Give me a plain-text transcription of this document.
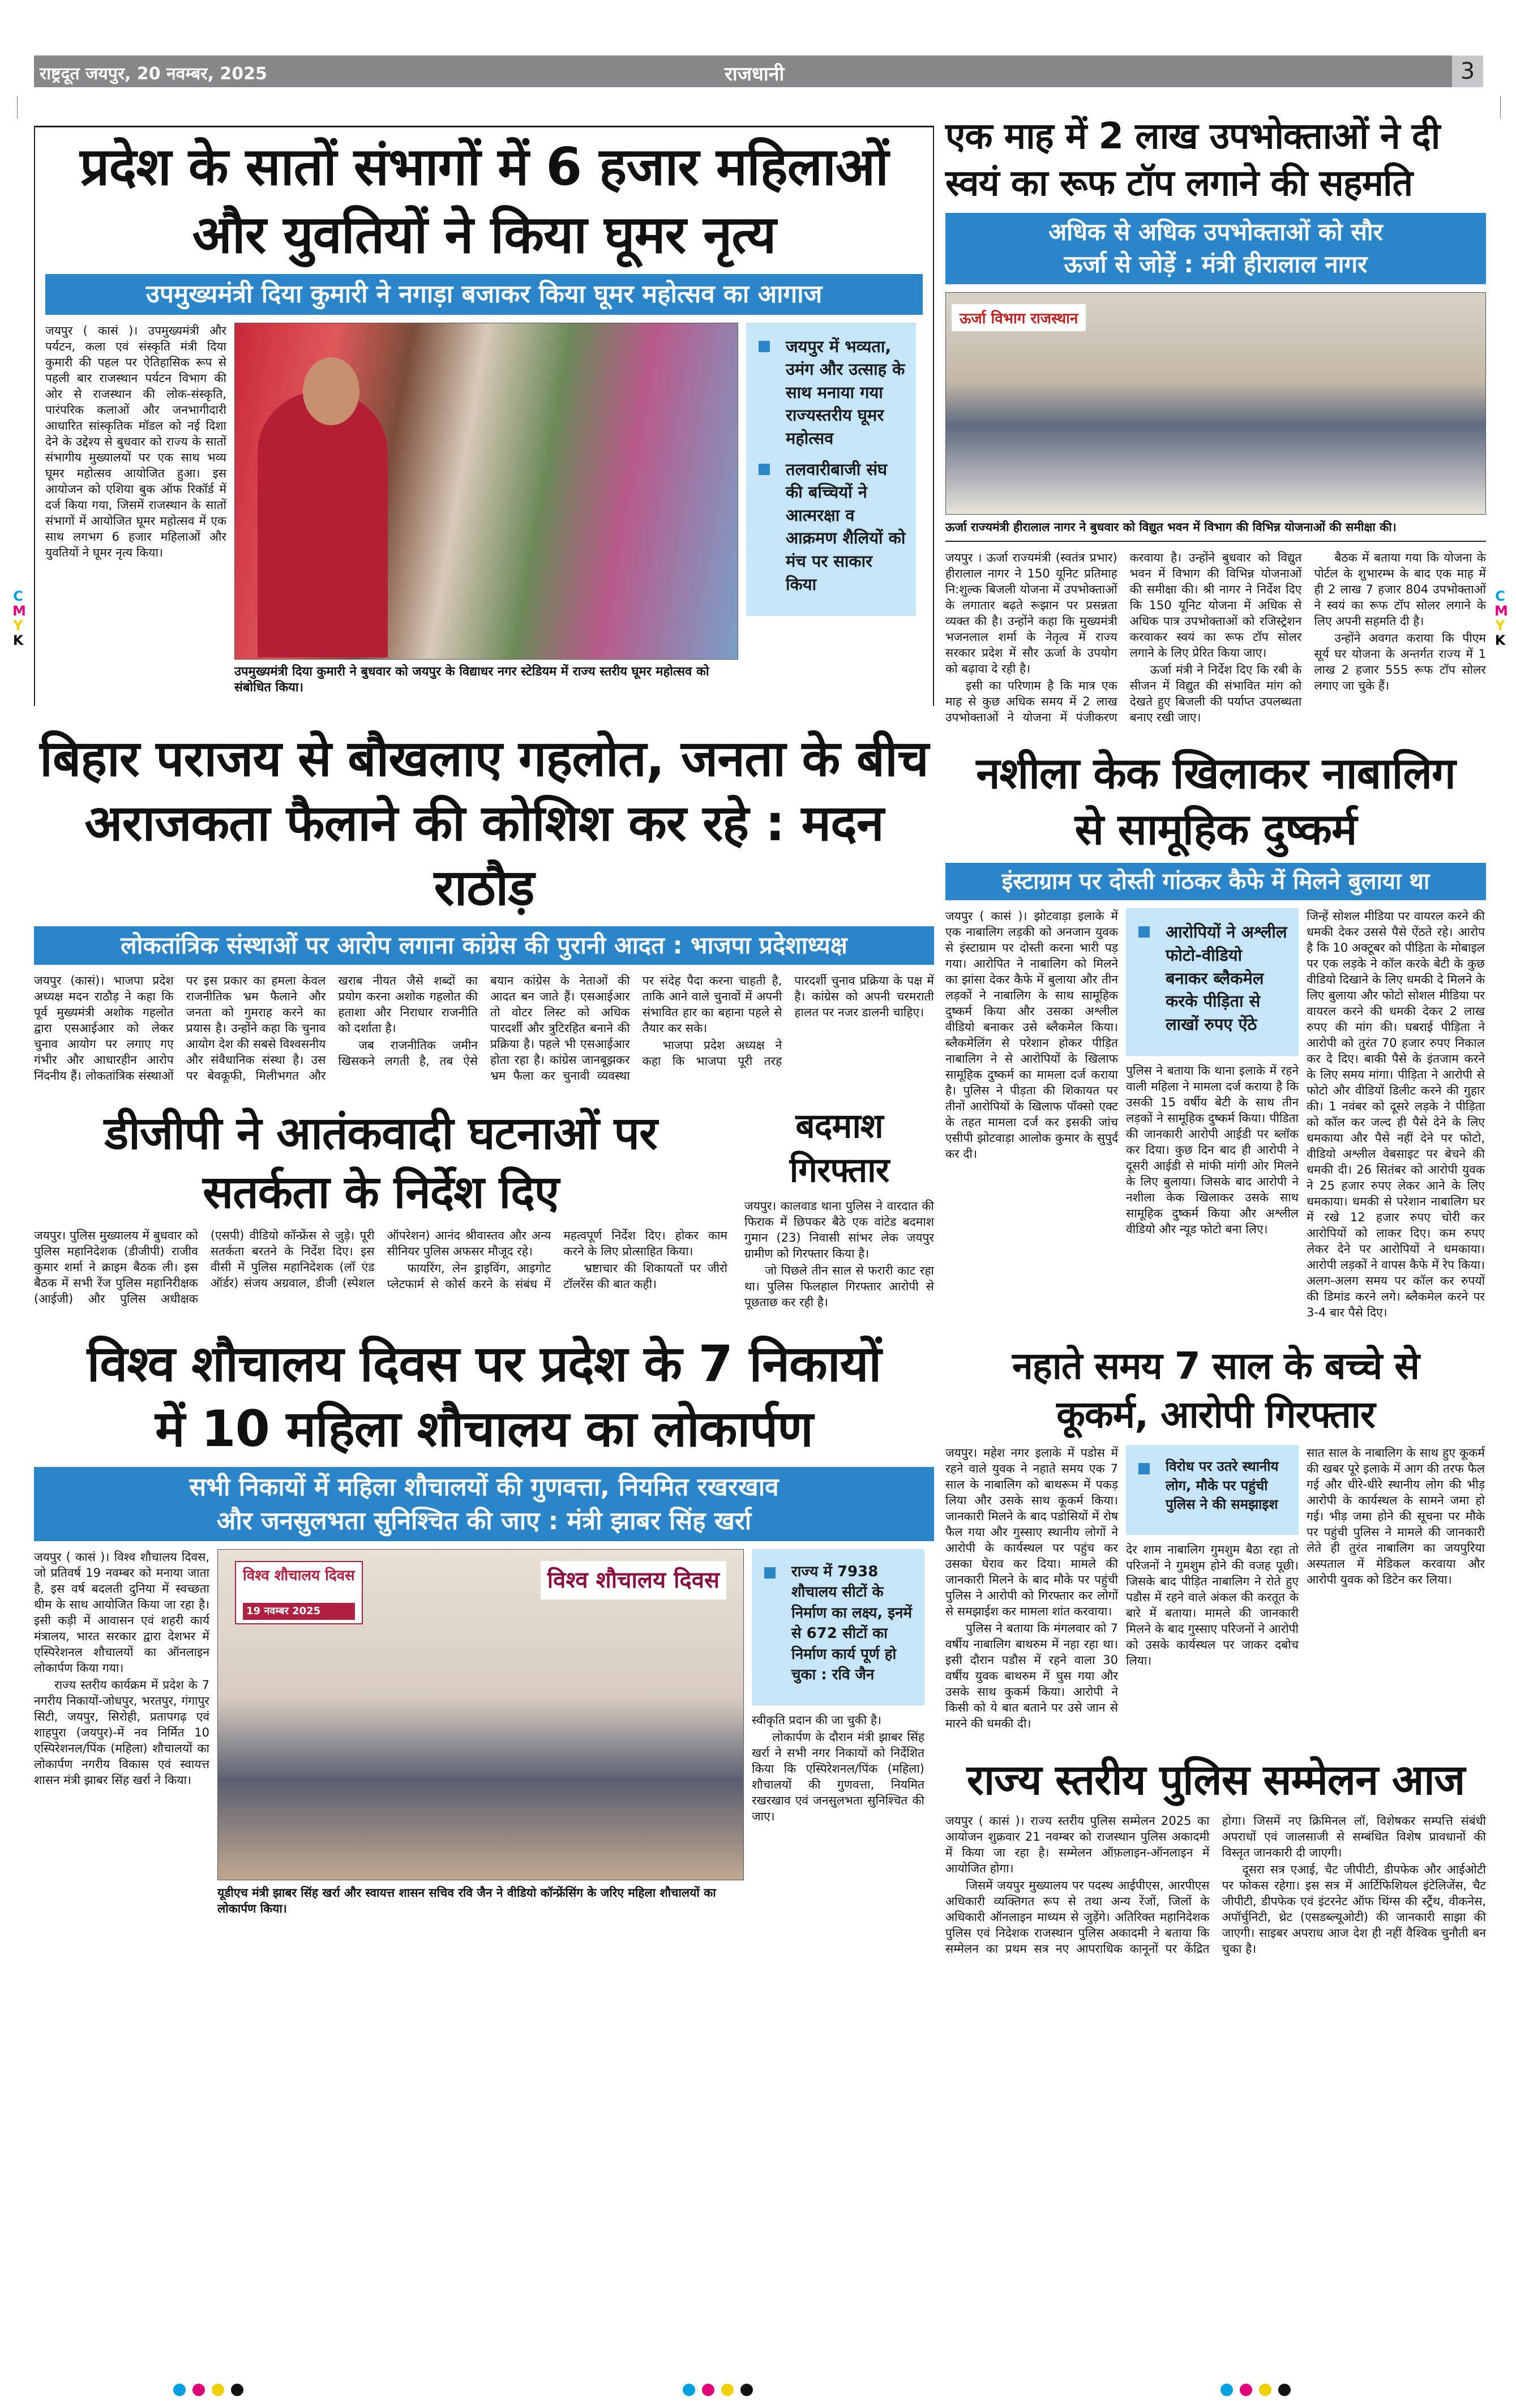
राष्ट्रदूत जयपुर, 20 नवम्बर, 2025	राजधानी	3
C
M
Y
K
C
M
Y
K
प्रदेश के सातों संभागों में 6 हजार महिलाओं
और युवतियों ने किया घूमर नृत्य
उपमुख्यमंत्री दिया कुमारी ने नगाड़ा बजाकर किया घूमर महोत्सव का आगाज

जयपुर ( कासं )। उपमुख्यमंत्री और पर्यटन, कला एवं संस्कृति मंत्री दिया कुमारी की पहल पर ऐतिहासिक रूप से पहली बार राजस्थान पर्यटन विभाग की ओर से राजस्थान की लोक-संस्कृति, पारंपरिक कलाओं और जनभागीदारी आधारित सांस्कृतिक मॉडल को नई दिशा देने के उद्देश्य से बुधवार को राज्य के सातों संभागीय मुख्यालयों पर एक साथ भव्य घूमर महोत्सव आयोजित हुआ। इस आयोजन को एशिया बुक ऑफ रिकॉर्ड में दर्ज किया गया, जिसमें राजस्थान के सातों संभागों में आयोजित घूमर महोत्सव में एक साथ लगभग 6 हजार महिलाओं और युवतियों ने घूमर नृत्य किया।

उपमुख्यमंत्री दिया कुमारी ने बुधवार को जयपुर के विद्याधर नगर स्टेडियम में राज्य स्तरीय घूमर महोत्सव को संबोधित किया।
जयपुर में भव्यता, उमंग और उत्साह के साथ मनाया गया राज्यस्तरीय घूमर महोत्सव
तलवारीबाजी संघ की बच्चियों ने आत्मरक्षा व आक्रमण शैलियों को मंच पर साकार किया
बिहार पराजय से बौखलाए गहलोत, जनता के बीच
अराजकता फैलाने की कोशिश कर रहे : मदन राठौड़
लोकतांत्रिक संस्थाओं पर आरोप लगाना कांग्रेस की पुरानी आदत : भाजपा प्रदेशाध्यक्ष

जयपुर (कासं)। भाजपा प्रदेश अध्यक्ष मदन राठौड़ ने कहा कि पूर्व मुख्यमंत्री अशोक गहलोत द्वारा एसआईआर को लेकर चुनाव आयोग पर लगाए गए गंभीर और आधारहीन आरोप निंदनीय हैं। लोकतांत्रिक संस्थाओं पर इस प्रकार का हमला केवल राजनीतिक भ्रम फैलाने और जनता को गुमराह करने का प्रयास है। उन्होंने कहा कि चुनाव आयोग देश की सबसे विश्वसनीय और संवैधानिक संस्था है। उस पर बेवकूफी, मिलीभगत और खराब नीयत जैसे शब्दों का प्रयोग करना अशोक गहलोत की हताशा और निराधार राजनीति को दर्शाता है।

जब राजनीतिक जमीन खिसकने लगती है, तब ऐसे बयान कांग्रेस के नेताओं की आदत बन जाते हैं। एसआईआर तो वोटर लिस्ट को अधिक पारदर्शी और त्रुटिरहित बनाने की प्रक्रिया है। पहले भी एसआईआर होता रहा है। कांग्रेस जानबूझकर भ्रम फैला कर चुनावी व्यवस्था पर संदेह पैदा करना चाहती है, ताकि आने वाले चुनावों में अपनी संभावित हार का बहाना पहले से तैयार कर सके।

भाजपा प्रदेश अध्यक्ष ने कहा कि भाजपा पूरी तरह पारदर्शी चुनाव प्रक्रिया के पक्ष में है। कांग्रेस को अपनी चरमराती हालत पर नजर डालनी चाहिए।

डीजीपी ने आतंकवादी घटनाओं पर सतर्कता के निर्देश दिए

जयपुर। पुलिस मुख्यालय में बुधवार को पुलिस महानिदेशक (डीजीपी) राजीव कुमार शर्मा ने क्राइम बैठक ली। इस बैठक में सभी रेंज पुलिस महानिरीक्षक (आईजी) और पुलिस अधीक्षक (एसपी) वीडियो कॉन्फ्रेंस से जुड़े। पूरी सतर्कता बरतने के निर्देश दिए। इस वीसी में पुलिस महानिदेशक (लॉ एंड ऑर्डर) संजय अग्रवाल, डीजी (स्पेशल ऑपरेशन) आनंद श्रीवास्तव और अन्य सीनियर पुलिस अफसर मौजूद रहे।

फायरिंग, लेन ड्राइविंग, आइगोट प्लेटफार्म से कोर्स करने के संबंध में महत्वपूर्ण निर्देश दिए। होकर काम करने के लिए प्रोत्साहित किया।

भ्रष्टाचार की शिकायतों पर जीरो टॉलरेंस की बात कही।

बदमाश गिरफ्तार

जयपुर। कालवाड थाना पुलिस ने वारदात की फिराक में छिपकर बैठे एक वांटेड बदमाश गुमान (23) निवासी सांभर लेक जयपुर ग्रामीण को गिरफ्तार किया है।

जो पिछले तीन साल से फरारी काट रहा था। पुलिस फिलहाल गिरफ्तार आरोपी से पूछताछ कर रही है।

विश्व शौचालय दिवस पर प्रदेश के 7 निकायों
में 10 महिला शौचालय का लोकार्पण
सभी निकायों में महिला शौचालयों की गुणवत्ता, नियमित रखरखाव
और जनसुलभता सुनिश्चित की जाए : मंत्री झाबर सिंह खर्रा

जयपुर ( कासं )। विश्व शौचालय दिवस, जो प्रतिवर्ष 19 नवम्बर को मनाया जाता है, इस वर्ष बदलती दुनिया में स्वच्छता थीम के साथ आयोजित किया जा रहा है। इसी कड़ी में आवासन एवं शहरी कार्य मंत्रालय, भारत सरकार द्वारा देशभर में एस्पिरेशनल शौचालयों का ऑनलाइन लोकार्पण किया गया।

राज्य स्तरीय कार्यक्रम में प्रदेश के 7 नगरीय निकायों-जोधपुर, भरतपुर, गंगापुर सिटी, जयपुर, सिरोही, प्रतापगढ़ एवं शाहपुरा (जयपुर)-में नव निर्मित 10 एस्पिरेशनल/पिंक (महिला) शौचालयों का लोकार्पण नगरीय विकास एवं स्वायत्त शासन मंत्री झाबर सिंह खर्रा ने किया।

विश्व शौचालय दिवस
19 नवम्बर 2025
विश्व शौचालय दिवस
यूडीएच मंत्री झाबर सिंह खर्रा और स्वायत्त शासन सचिव रवि जैन ने वीडियो कॉन्फ्रेंसिंग के जरिए महिला शौचालयों का लोकार्पण किया।
राज्य में 7938 शौचालय सीटों के निर्माण का लक्ष्य, इनमें से 672 सीटों का निर्माण कार्य पूर्ण हो चुका : रवि जैन

स्वीकृति प्रदान की जा चुकी है।

लोकार्पण के दौरान मंत्री झाबर सिंह खर्रा ने सभी नगर निकायों को निर्देशित किया कि एस्पिरेशनल/पिंक (महिला) शौचालयों की गुणवत्ता, नियमित रखरखाव एवं जनसुलभता सुनिश्चित की जाए।

एक माह में 2 लाख उपभोक्ताओं ने दी
स्वयं का रूफ टॉप लगाने की सहमति
अधिक से अधिक उपभोक्ताओं को सौर
ऊर्जा से जोड़ें : मंत्री हीरालाल नागर
ऊर्जा विभाग राजस्थान
ऊर्जा राज्यमंत्री हीरालाल नागर ने बुधवार को विद्युत भवन में विभाग की विभिन्न योजनाओं की समीक्षा की।

जयपुर । ऊर्जा राज्यमंत्री (स्वतंत्र प्रभार) हीरालाल नागर ने 150 यूनिट प्रतिमाह नि:शुल्क बिजली योजना में उपभोक्ताओं के लगातार बढ़ते रूझान पर प्रसन्नता व्यक्त की है। उन्होंने कहा कि मुख्यमंत्री भजनलाल शर्मा के नेतृत्व में राज्य सरकार प्रदेश में सौर ऊर्जा के उपयोग को बढ़ावा दे रही है।

इसी का परिणाम है कि मात्र एक माह से कुछ अधिक समय में 2 लाख उपभोक्ताओं ने योजना में पंजीकरण करवाया है। उन्होंने बुधवार को विद्युत भवन में विभाग की विभिन्न योजनाओं की समीक्षा की। श्री नागर ने निर्देश दिए कि 150 यूनिट योजना में अधिक से अधिक पात्र उपभोक्ताओं को रजिस्ट्रेशन करवाकर स्वयं का रूफ टॉप सोलर लगाने के लिए प्रेरित किया जाए।

ऊर्जा मंत्री ने निर्देश दिए कि रबी के सीजन में विद्युत की संभावित मांग को देखते हुए बिजली की पर्याप्त उपलब्धता बनाए रखी जाए।

बैठक में बताया गया कि योजना के पोर्टल के शुभारम्भ के बाद एक माह में ही 2 लाख 7 हजार 804 उपभोक्ताओं ने स्वयं का रूफ टॉप सोलर लगाने के लिए अपनी सहमति दी है।

उन्होंने अवगत कराया कि पीएम सूर्य घर योजना के अन्तर्गत राज्य में 1 लाख 2 हजार 555 रूफ टॉप सोलर लगाए जा चुके हैं।

नशीला केक खिलाकर नाबालिग
से सामूहिक दुष्कर्म
इंस्टाग्राम पर दोस्ती गांठकर कैफे में मिलने बुलाया था

जयपुर ( कासं )। झोटवाड़ा इलाके में एक नाबालिग लड़की को अनजान युवक से इंस्टाग्राम पर दोस्ती करना भारी पड़ गया। आरोपित ने नाबालिग को मिलने का झांसा देकर कैफे में बुलाया और तीन लड़कों ने नाबालिग के साथ सामूहिक दुष्कर्म किया और उसका अश्लील वीडियो बनाकर उसे ब्लैकमेल किया। ब्लैकमेलिंग से परेशान होकर पीड़ित नाबालिग ने से आरोपियों के खिलाफ सामूहिक दुष्कर्म का मामला दर्ज कराया है। पुलिस ने पीड़ता की शिकायत पर तीनों आरोपियों के खिलाफ पॉक्सो एक्ट के तहत मामला दर्ज कर इसकी जांच एसीपी झोटवाड़ा आलोक कुमार के सुपुर्द कर दी।

आरोपियों ने अश्लील फोटो-वीडियो बनाकर ब्लैकमेल करके पीड़िता से लाखों रुपए ऐंठे

पुलिस ने बताया कि थाना इलाके में रहने वाली महिला ने मामला दर्ज कराया है कि उसकी 15 वर्षीय बेटी के साथ तीन लड़कों ने सामूहिक दुष्कर्म किया। पीडिता की जानकारी आरोपी आईडी पर ब्लॉक कर दिया। कुछ दिन बाद ही आरोपी ने दूसरी आईडी से मांफी मांगी ओर मिलने के लिए बुलाया। जिसके बाद आरोपी ने नशीला केक खिलाकर उसके साथ सामूहिक दुष्कर्म किया और अश्लील वीडियो और न्यूड फोटो बना लिए।

जिन्हें सोशल मीडिया पर वायरल करने की धमकी देकर उससे पैसे ऐंठते रहे। आरोप है कि 10 अक्टूबर को पीड़िता के मोबाइल पर एक लड़के ने कॉल करके बेटी के कुछ वीडियो दिखाने के लिए धमकी दे मिलने के लिए बुलाया और फोटो सोशल मीडिया पर वायरल करने की धमकी देकर 2 लाख रुपए की मांग की। घबराई पीड़िता ने आरोपी को तुरंत 70 हजार रुपए निकाल कर दे दिए। बाकी पैसे के इंतजाम करने के लिए समय मांगा। पीड़िता ने आरोपी से फोटो और वीडियों डिलीट करने की गुहार की। 1 नवंबर को दूसरे लड़के ने पीड़िता को कॉल कर जल्द ही पैसे देने के लिए धमकाया और पैसे नहीं देने पर फोटो, वीडियो अश्लील वेबसाइट पर बेचने की धमकी दी। 26 सितंबर को आरोपी युवक ने 25 हजार रुपए लेकर आने के लिए धमकाया। धमकी से परेशान नाबालिग घर में रखे 12 हजार रुपए चोरी कर आरोपियों को लाकर दिए। कम रुपए लेकर देने पर आरोपियों ने धमकाया। आरोपी लड़कों ने वापस कैफे में रेप किया। अलग-अलग समय पर कॉल कर रुपयों की डिमांड करने लगे। ब्लैकमेल करने पर 3-4 बार पैसे दिए।

नहाते समय 7 साल के बच्चे से
कूकर्म, आरोपी गिरफ्तार

जयपुर। महेश नगर इलाके में पडोस में रहने वाले युवक ने नहाते समय एक 7 साल के नाबालिग को बाथरूम में पकड़ लिया और उसके साथ कूकर्म किया। जानकारी मिलने के बाद पडोसियों में रोष फैल गया और गुस्साए स्थानीय लोगों ने आरोपी के कार्यस्थल पर पहुंच कर उसका घेराव कर दिया। मामले की जानकारी मिलने के बाद मौके पर पहुंची पुलिस ने आरोपी को गिरफ्तार कर लोगों से समझाईश कर मामला शांत करवाया।

पुलिस ने बताया कि मंगलवार को 7 वर्षीय नाबालिग बाथरुम में नहा रहा था। इसी दौरान पडौस में रहने वाला 30 वर्षीय युवक बाथरुम में घुस गया और उसके साथ कुकर्म किया। आरोपी ने किसी को ये बात बताने पर उसे जान से मारने की धमकी दी।

विरोध पर उतरे स्थानीय लोग, मौके पर पहुंची पुलिस ने की समझाइश

देर शाम नाबालिग गुमशुम बैठा रहा तो परिजनों ने गुमशुम होने की वजह पूछी। जिसके बाद पीड़ित नाबालिग ने रोते हुए पडौस में रहने वाले अंकल की करतूत के बारे में बताया। मामले की जानकारी मिलने के बाद गुस्साए परिजनों ने आरोपी को उसके कार्यस्थल पर जाकर दबोच लिया।

सात साल के नाबालिग के साथ हुए कूकर्म की खबर पूरे इलाके में आग की तरफ फैल गई और धीरे-धीरे स्थानीय लोग की भीड़ आरोपी के कार्यस्थल के सामने जमा हो गई। भीड़ जमा होने की सूचना पर मौके पर पहुंची पुलिस ने मामले की जानकारी लेते ही तुरंत नाबालिग का जयपुरिया अस्पताल में मेडिकल करवाया और आरोपी युवक को डिटेन कर लिया।

राज्य स्तरीय पुलिस सम्मेलन आज

जयपुर ( कासं )। राज्य स्तरीय पुलिस सम्मेलन 2025 का आयोजन शुक्रवार 21 नवम्बर को राजस्थान पुलिस अकादमी में किया जा रहा है। सम्मेलन ऑफ़लाइन-ऑनलाइन में आयोजित होगा।

जिसमें जयपुर मुख्यालय पर पदस्थ आईपीएस, आरपीएस अधिकारी व्यक्तिगत रूप से तथा अन्य रेंजों, जिलों के अधिकारी ऑनलाइन माध्यम से जुड़ेंगे। अतिरिक्त महानिदेशक पुलिस एवं निदेशक राजस्थान पुलिस अकादमी ने बताया कि सम्मेलन का प्रथम सत्र नए आपराधिक कानूनों पर केंद्रित होगा। जिसमें नए क्रिमिनल लॉ, विशेषकर सम्पत्ति संबंधी अपराधों एवं जालसाजी से सम्बंधित विशेष प्रावधानों की विस्तृत जानकारी दी जाएगी।

दूसरा सत्र एआई, चैट जीपीटी, डीपफेक और आईओटी पर फोकस रहेगा। इस सत्र में आर्टिफिशियल इंटेलिजेंस, चैट जीपीटी, डीपफेक एवं इंटरनेट ऑफ थिंग्स की स्ट्रैंथ, वीकनेस, अपॉर्चुनिटी, थ्रेट (एसडब्ल्यूओटी) की जानकारी साझा की जाएगी। साइबर अपराध आज देश ही नहीं वैश्विक चुनौती बन चुका है।
